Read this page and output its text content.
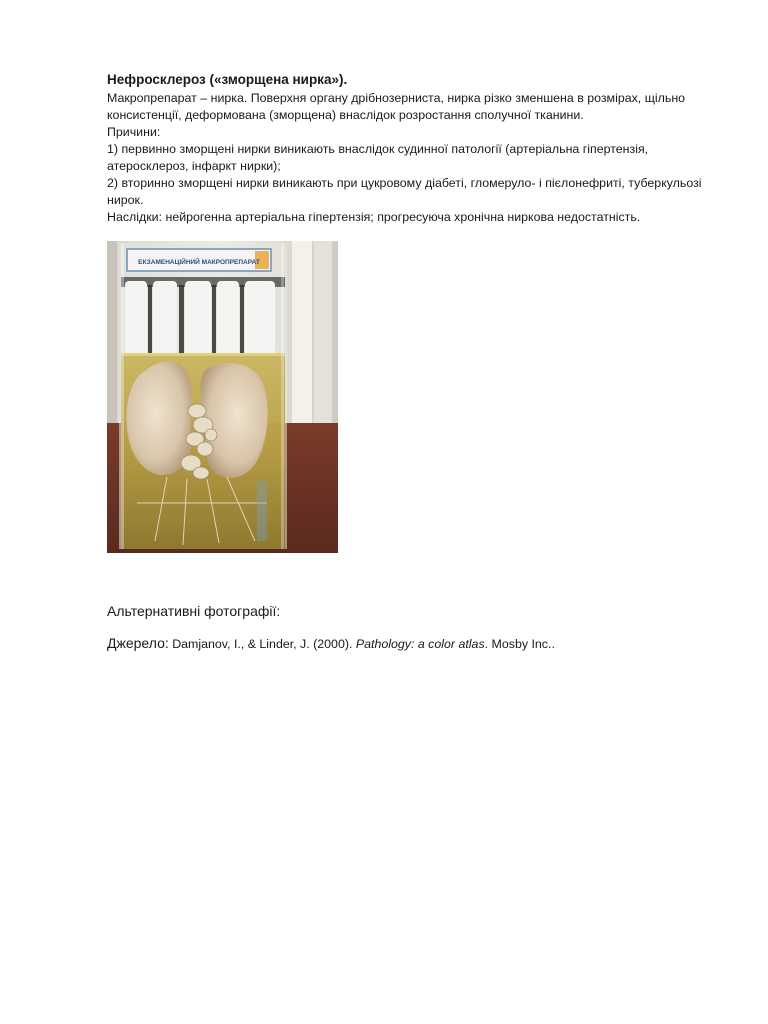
Нефросклероз («зморщена нирка»).

Макропрепарат – нирка. Поверхня органу дрібнозерниста, нирка різко зменшена в розмірах, щільно консистенції, деформована (зморщена) внаслідок розростання сполучної тканини.

Причини:

1) первинно зморщені нирки виникають внаслідок судинної патології (артеріальна гіпертензія, атеросклероз, інфаркт нирки);

2) вторинно зморщені нирки виникають при цукровому діабеті, гломеруло- і пієлонефриті, туберкульозі нирок.

Наслідки: нейрогенна артеріальна гіпертензія; прогресуюча хронічна ниркова недостатність.

ЕКЗАМЕНАЦІЙНИЙ МАКРОПРЕПАРАТ
Альтернативні фотографії:
Джерело: Damjanov, I., & Linder, J. (2000). Pathology: a color atlas. Mosby Inc..
